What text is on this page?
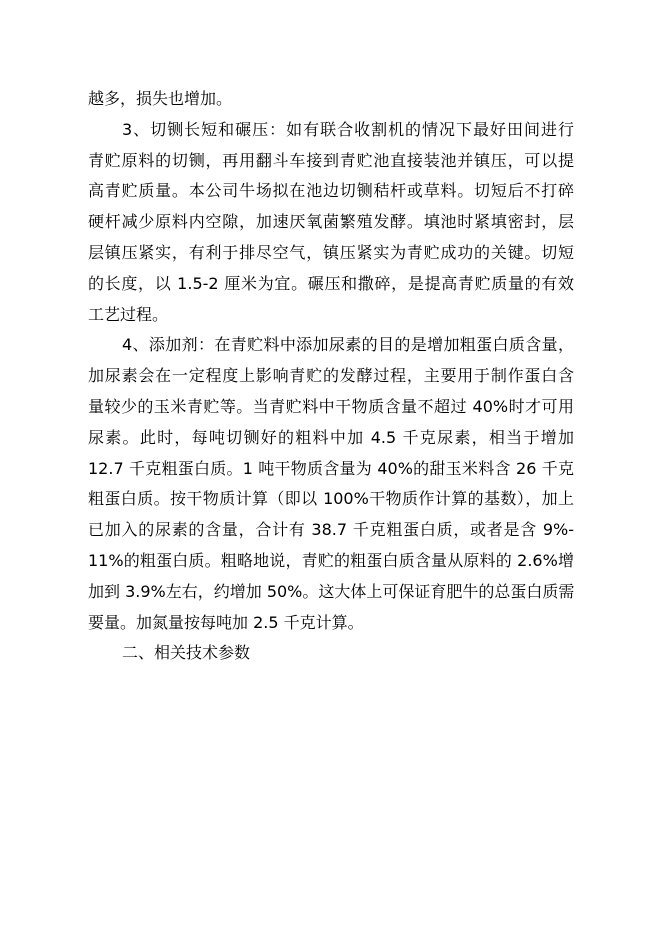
越多，损失也增加。
3、切铡长短和碾压：如有联合收割机的情况下最好田间进行
青贮原料的切铡，再用翻斗车接到青贮池直接装池并镇压，可以提
高青贮质量。本公司牛场拟在池边切铡秸杆或草料。切短后不打碎
硬杆减少原料内空隙，加速厌氧菌繁殖发酵。填池时紧填密封，层
层镇压紧实，有利于排尽空气，镇压紧实为青贮成功的关键。切短
的长度，以 1.5-2 厘米为宜。碾压和撒碎，是提高青贮质量的有效
工艺过程。
4、添加剂：在青贮料中添加尿素的目的是增加粗蛋白质含量，
加尿素会在一定程度上影响青贮的发酵过程，主要用于制作蛋白含
量较少的玉米青贮等。当青贮料中干物质含量不超过 40%时才可用
尿素。此时，每吨切铡好的粗料中加 4.5 千克尿素，相当于增加
12.7 千克粗蛋白质。1 吨干物质含量为 40%的甜玉米料含 26 千克
粗蛋白质。按干物质计算（即以 100%干物质作计算的基数），加上
已加入的尿素的含量，合计有 38.7 千克粗蛋白质，或者是含 9%-
11%的粗蛋白质。粗略地说，青贮的粗蛋白质含量从原料的 2.6%增
加到 3.9%左右，约增加 50%。这大体上可保证育肥牛的总蛋白质需
要量。加氮量按每吨加 2.5 千克计算。
二、相关技术参数
